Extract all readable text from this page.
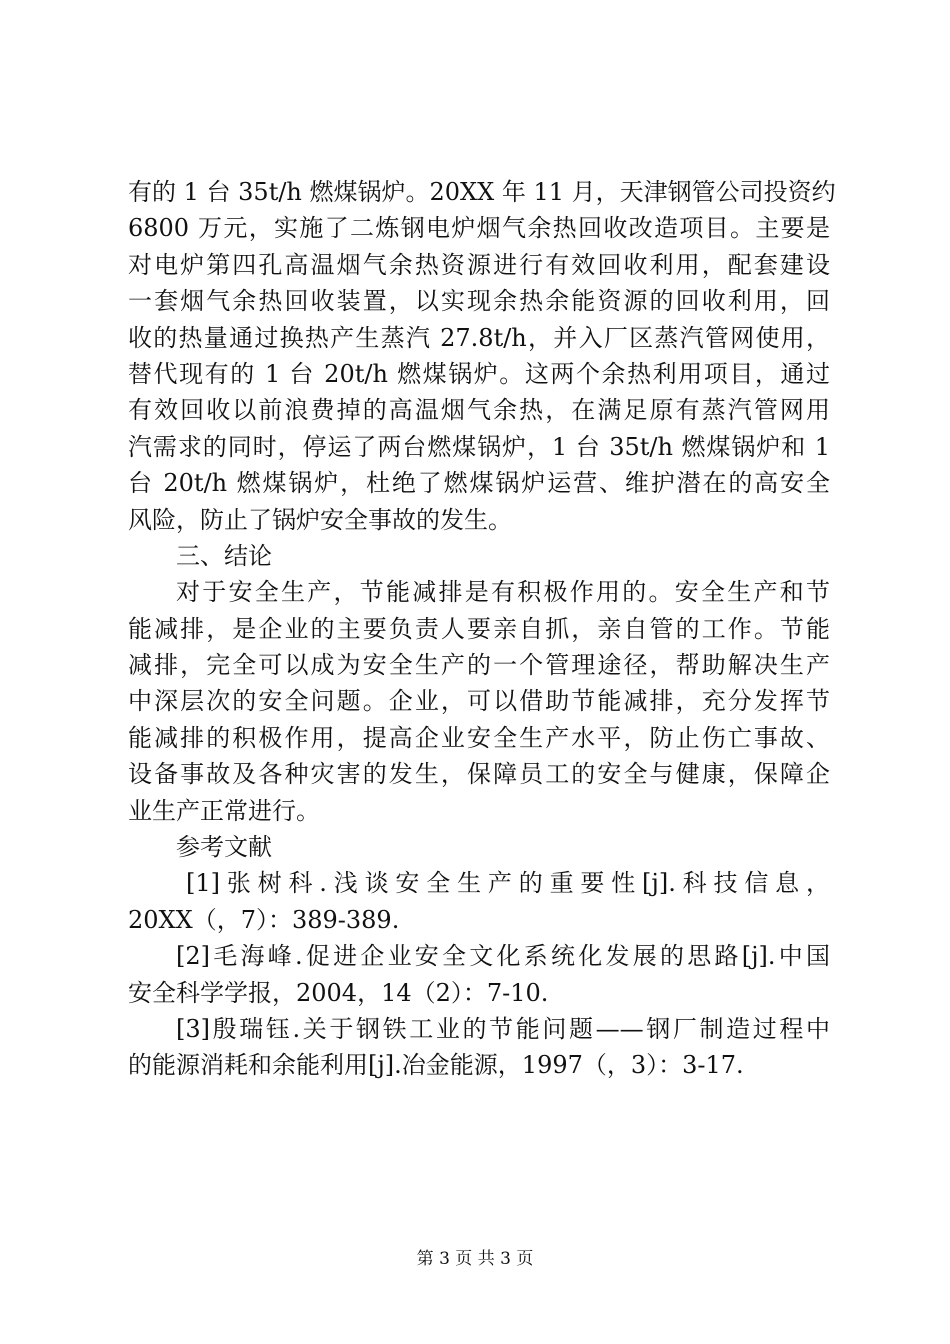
有的 1 台 35t/h 燃煤锅炉。20XX 年 11 月，天津钢管公司投资约
6800 万元，实施了二炼钢电炉烟气余热回收改造项目。主要是
对电炉第四孔高温烟气余热资源进行有效回收利用，配套建设
一套烟气余热回收装置，以实现余热余能资源的回收利用，回
收的热量通过换热产生蒸汽 27.8t/h，并入厂区蒸汽管网使用，
替代现有的 1 台 20t/h 燃煤锅炉。这两个余热利用项目，通过
有效回收以前浪费掉的高温烟气余热，在满足原有蒸汽管网用
汽需求的同时，停运了两台燃煤锅炉，1 台 35t/h 燃煤锅炉和 1
台 20t/h 燃煤锅炉，杜绝了燃煤锅炉运营、维护潜在的高安全
风险，防止了锅炉安全事故的发生。
三、结论
对于安全生产，节能减排是有积极作用的。安全生产和节
能减排，是企业的主要负责人要亲自抓，亲自管的工作。节能
减排，完全可以成为安全生产的一个管理途径，帮助解决生产
中深层次的安全问题。企业，可以借助节能减排，充分发挥节
能减排的积极作用，提高企业安全生产水平，防止伤亡事故、
设备事故及各种灾害的发生，保障员工的安全与健康，保障企
业生产正常进行。
参考文献
[1]张树科.浅谈安全生产的重要性[j].科技信息，
20XX（，7）：389-389.
[2]毛海峰.促进企业安全文化系统化发展的思路[j].中国
安全科学学报，2004，14（2）：7-10.
[3]殷瑞钰.关于钢铁工业的节能问题——钢厂制造过程中
的能源消耗和余能利用[j].冶金能源，1997（，3）：3-17.
第 3 页 共 3 页
